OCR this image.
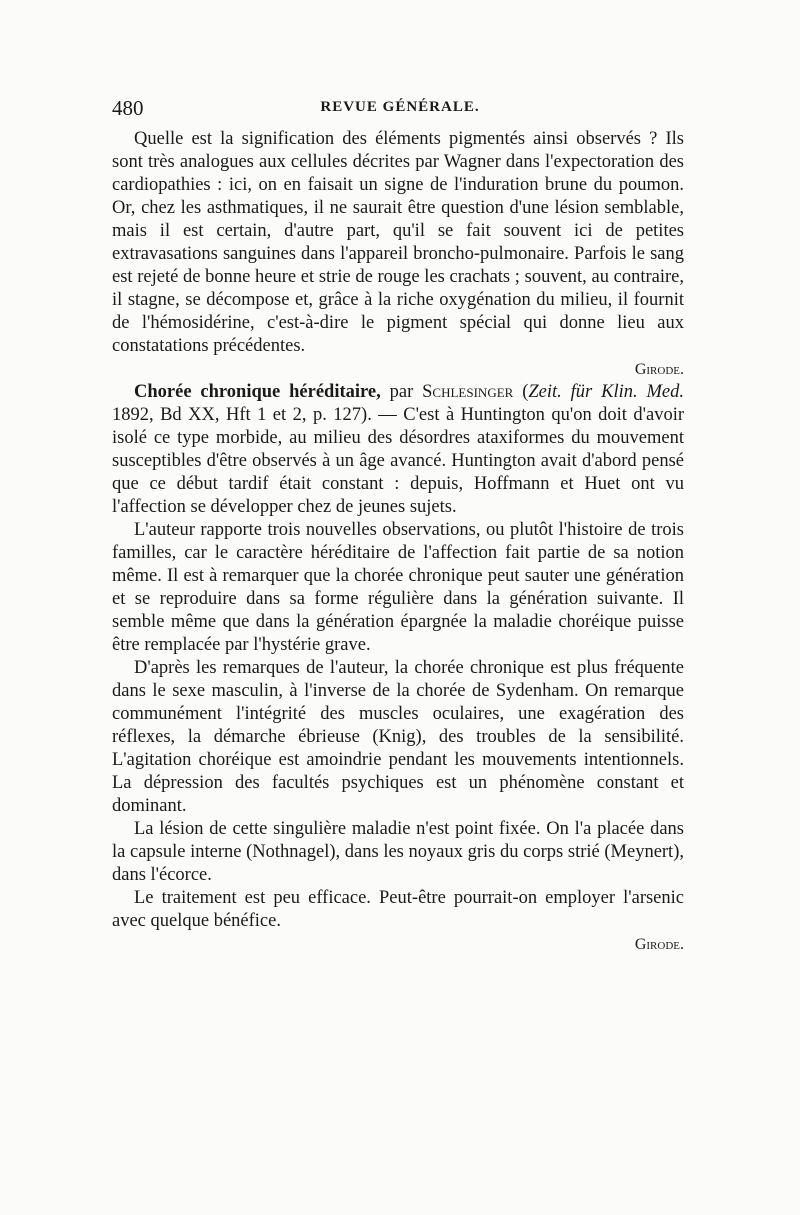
480	REVUE GÉNÉRALE.

Quelle est la signification des éléments pigmentés ainsi observés ? Ils sont très analogues aux cellules décrites par Wagner dans l'expectoration des cardiopathies : ici, on en faisait un signe de l'induration brune du poumon. Or, chez les asthmatiques, il ne saurait être question d'une lésion semblable, mais il est certain, d'autre part, qu'il se fait souvent ici de petites extravasations sanguines dans l'appareil broncho-pulmonaire. Parfois le sang est rejeté de bonne heure et strie de rouge les crachats ; souvent, au contraire, il stagne, se décompose et, grâce à la riche oxygénation du milieu, il fournit de l'hémosidérine, c'est-à-dire le pigment spécial qui donne lieu aux constatations précédentes.

Girode.

Chorée chronique héréditaire, par Schlesinger (Zeit. für Klin. Med. 1892, Bd XX, Hft 1 et 2, p. 127). — C'est à Huntington qu'on doit d'avoir isolé ce type morbide, au milieu des désordres ataxiformes du mouvement susceptibles d'être observés à un âge avancé. Huntington avait d'abord pensé que ce début tardif était constant : depuis, Hoffmann et Huet ont vu l'affection se développer chez de jeunes sujets.

L'auteur rapporte trois nouvelles observations, ou plutôt l'histoire de trois familles, car le caractère héréditaire de l'affection fait partie de sa notion même. Il est à remarquer que la chorée chronique peut sauter une génération et se reproduire dans sa forme régulière dans la génération suivante. Il semble même que dans la génération épargnée la maladie choréique puisse être remplacée par l'hystérie grave.

D'après les remarques de l'auteur, la chorée chronique est plus fréquente dans le sexe masculin, à l'inverse de la chorée de Sydenham. On remarque communément l'intégrité des muscles oculaires, une exagération des réflexes, la démarche ébrieuse (Knig), des troubles de la sensibilité. L'agitation choréique est amoindrie pendant les mouvements intentionnels. La dépression des facultés psychiques est un phénomène constant et dominant.

La lésion de cette singulière maladie n'est point fixée. On l'a placée dans la capsule interne (Nothnagel), dans les noyaux gris du corps strié (Meynert), dans l'écorce.

Le traitement est peu efficace. Peut-être pourrait-on employer l'arsenic avec quelque bénéfice.

Girode.
